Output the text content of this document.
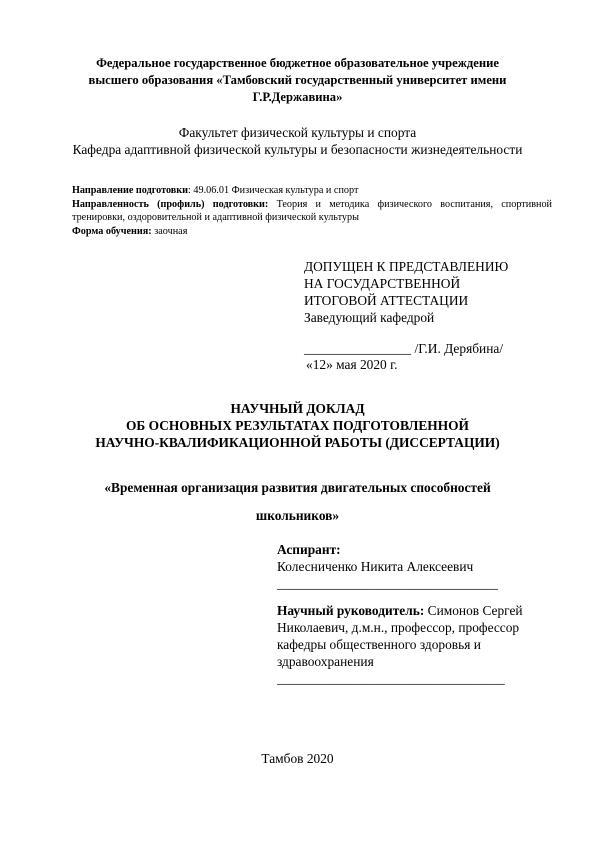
Федеральное государственное бюджетное образовательное учреждение
высшего образования «Тамбовский государственный университет имени
Г.Р.Державина»
Факультет физической культуры и спорта
Кафедра адаптивной физической культуры и безопасности жизнедеятельности

Направление подготовки: 49.06.01 Физическая культура и спорт

Направленность (профиль) подготовки: Теория и методика физического воспитания, спортивной тренировки, оздоровительной и адаптивной физической культуры

Форма обучения: заочная

ДОПУЩЕН К ПРЕДСТАВЛЕНИЮ
НА ГОСУДАРСТВЕННОЙ
ИТОГОВОЙ АТТЕСТАЦИИ
Заведующий кафедрой
________________ /Г.И. Дерябина/
«12» мая 2020 г.
НАУЧНЫЙ ДОКЛАД
ОБ ОСНОВНЫХ РЕЗУЛЬТАТАХ ПОДГОТОВЛЕННОЙ
НАУЧНО-КВАЛИФИКАЦИОННОЙ РАБОТЫ (ДИССЕРТАЦИИ)
«Временная организация развития двигательных способностей
школьников»
Аспирант:
Колесниченко Никита Алексеевич
_________________________________
Научный руководитель: Симонов Сергей
Николаевич, д.м.н., профессор, профессор
кафедры общественного здоровья и
здравоохранения
__________________________________
Тамбов 2020
